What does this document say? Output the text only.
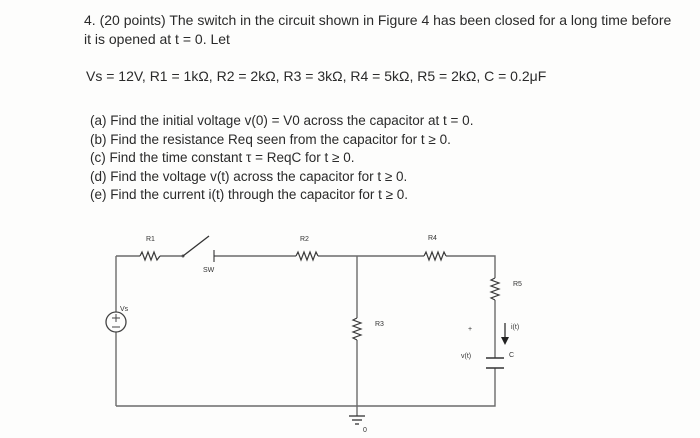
4. (20 points) The switch in the circuit shown in Figure 4 has been closed for a long time before
it is opened at t = 0. Let
Vs = 12V, R1 = 1kΩ, R2 = 2kΩ, R3 = 3kΩ, R4 = 5kΩ, R5 = 2kΩ, C = 0.2μF
(a) Find the initial voltage v(0) = V0 across the capacitor at t = 0.
(b) Find the resistance Req seen from the capacitor for t ≥ 0.
(c) Find the time constant τ = ReqC for t ≥ 0.
(d) Find the voltage v(t) across the capacitor for t ≥ 0.
(e) Find the current i(t) through the capacitor for t ≥ 0.
R1
SW
R2	R4
R5
R3
Vs
i(t)
C
+
v(t)
0
